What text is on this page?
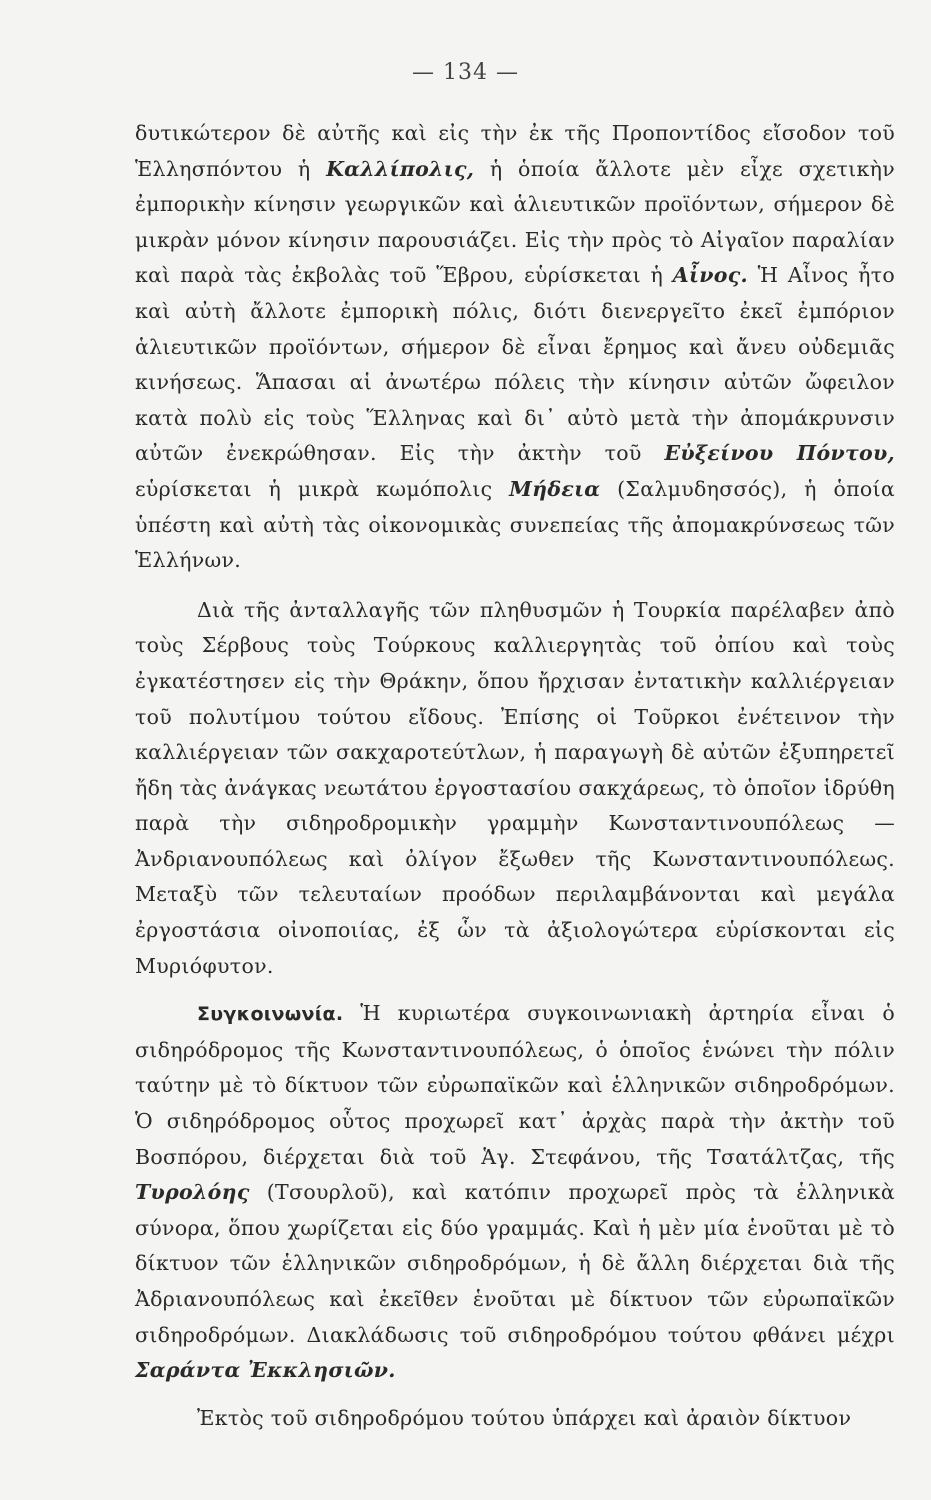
— 134 —

δυτικώτερον δὲ αὐτῆς καὶ εἰς τὴν ἐκ τῆς Προποντίδος εἴσοδον τοῦ Ἑλλησπόντου ἡ Καλλίπολις, ἡ ὁποία ἄλλοτε μὲν εἶχε σχετικὴν ἐμπορικὴν κίνησιν γεωργικῶν καὶ ἁλιευτικῶν προϊόντων, σήμερον δὲ μικρὰν μόνον κίνησιν παρουσιάζει. Εἰς τὴν πρὸς τὸ Αἰγαῖον παραλίαν καὶ παρὰ τὰς ἐκβολὰς τοῦ Ἕβρου, εὑρίσκεται ἡ Αἶνος. Ἡ Αἶνος ἦτο καὶ αὐτὴ ἄλλοτε ἐμπορικὴ πόλις, διότι διενεργεῖτο ἐκεῖ ἐμπόριον ἁλιευτικῶν προϊόντων, σήμερον δὲ εἶναι ἔρημος καὶ ἄνευ οὐδεμιᾶς κινήσεως. Ἅπασαι αἱ ἀνωτέρω πόλεις τὴν κίνησιν αὐτῶν ὤφειλον κατὰ πολὺ εἰς τοὺς Ἕλληνας καὶ δι᾽ αὐτὸ μετὰ τὴν ἀπομάκρυνσιν αὐτῶν ἐνεκρώθησαν. Εἰς τὴν ἀκτὴν τοῦ Εὐξείνου Πόντου, εὑρίσκεται ἡ μικρὰ κωμόπολις Μήδεια (Σαλμυδησσός), ἡ ὁποία ὑπέστη καὶ αὐτὴ τὰς οἰκονομικὰς συνεπείας τῆς ἀπομακρύνσεως τῶν Ἑλλήνων.

Διὰ τῆς ἀνταλλαγῆς τῶν πληθυσμῶν ἡ Τουρκία παρέλαβεν ἀπὸ τοὺς Σέρβους τοὺς Τούρκους καλλιεργητὰς τοῦ ὀπίου καὶ τοὺς ἐγκατέστησεν εἰς τὴν Θράκην, ὅπου ἤρχισαν ἐντατικὴν καλλιέργειαν τοῦ πολυτίμου τούτου εἴδους. Ἐπίσης οἱ Τοῦρκοι ἐνέτεινον τὴν καλλιέργειαν τῶν σακχαροτεύτλων, ἡ παραγωγὴ δὲ αὐτῶν ἐξυπηρετεῖ ἤδη τὰς ἀνάγκας νεωτάτου ἐργοστασίου σακχάρεως, τὸ ὁποῖον ἱδρύθη παρὰ τὴν σιδηροδρομικὴν γραμμὴν Κωνσταντινουπόλεως — Ἀνδριανουπόλεως καὶ ὀλίγον ἔξωθεν τῆς Κωνσταντινουπόλεως. Μεταξὺ τῶν τελευταίων προόδων περιλαμβάνονται καὶ μεγάλα ἐργοστάσια οἰνοποιίας, ἐξ ὧν τὰ ἀξιολογώτερα εὑρίσκονται εἰς Μυριόφυτον.

Συγκοινωνία. Ἡ κυριωτέρα συγκοινωνιακὴ ἀρτηρία εἶναι ὁ σιδηρόδρομος τῆς Κωνσταντινουπόλεως, ὁ ὁποῖος ἑνώνει τὴν πόλιν ταύτην μὲ τὸ δίκτυον τῶν εὐρωπαϊκῶν καὶ ἑλληνικῶν σιδηροδρόμων. Ὁ σιδηρόδρομος οὗτος προχωρεῖ κατ᾽ ἀρχὰς παρὰ τὴν ἀκτὴν τοῦ Βοσπόρου, διέρχεται διὰ τοῦ Ἁγ. Στεφάνου, τῆς Τσατάλτζας, τῆς Τυρολόης (Τσουρλοῦ), καὶ κατόπιν προχωρεῖ πρὸς τὰ ἑλληνικὰ σύνορα, ὅπου χωρίζεται εἰς δύο γραμμάς. Καὶ ἡ μὲν μία ἑνοῦται μὲ τὸ δίκτυον τῶν ἑλληνικῶν σιδηροδρόμων, ἡ δὲ ἄλλη διέρχεται διὰ τῆς Ἀδριανουπόλεως καὶ ἐκεῖθεν ἑνοῦται μὲ δίκτυον τῶν εὐρωπαϊκῶν σιδηροδρόμων. Διακλάδωσις τοῦ σιδηροδρόμου τούτου φθάνει μέχρι Σαράντα Ἐκκλησιῶν.

Ἐκτὸς τοῦ σιδηροδρόμου τούτου ὑπάρχει καὶ ἀραιὸν δίκτυον
